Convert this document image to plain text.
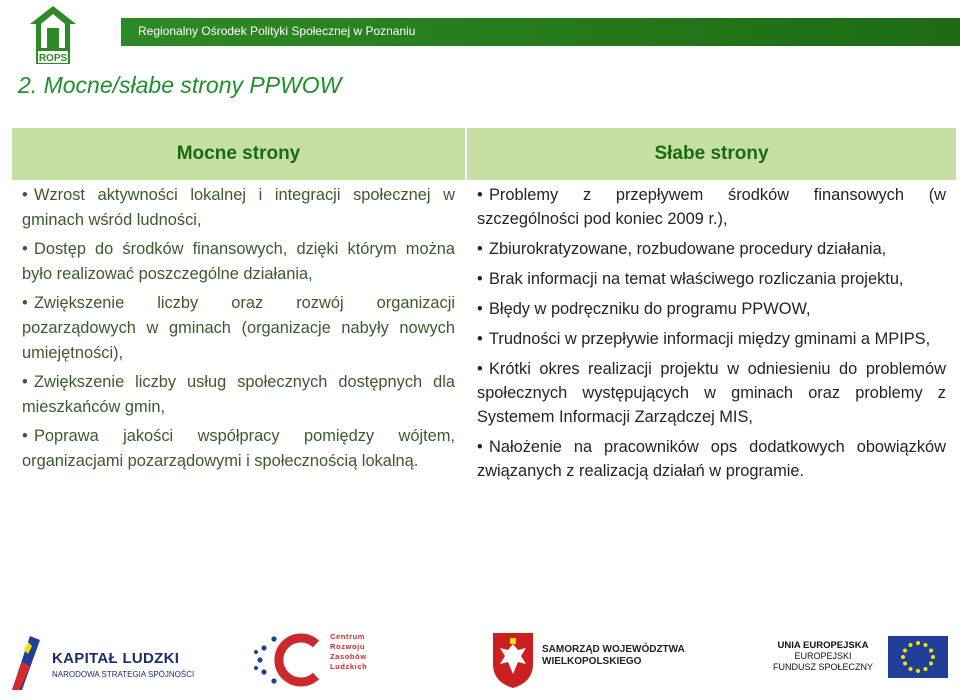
ROPS
Regionalny Ośrodek Polityki Społecznej w Poznaniu
2. Mocne/słabe strony PPWOW
Mocne strony	Słabe strony
• Wzrost aktywności lokalnej i integracji społecznej w gminach wśród ludności,
• Dostęp do środków finansowych, dzięki którym można było realizować poszczególne działania,
• Zwiększenie liczby oraz rozwój organizacji pozarządowych w gminach (organizacje nabyły nowych umiejętności),
• Zwiększenie liczby usług społecznych dostępnych dla mieszkańców gmin,
• Poprawa jakości współpracy pomiędzy wójtem, organizacjami pozarządowymi i społecznością lokalną.
• Problemy z przepływem środków finansowych (w szczególności pod koniec 2009 r.),
• Zbiurokratyzowane, rozbudowane procedury działania,
• Brak informacji na temat właściwego rozliczania projektu,
• Błędy w podręczniku do programu PPWOW,
• Trudności w przepływie informacji między gminami a MPIPS,
• Krótki okres realizacji projektu w odniesieniu do problemów społecznych występujących w gminach oraz problemy z Systemem Informacji Zarządczej MIS,
• Nałożenie na pracowników ops dodatkowych obowiązków związanych z realizacją działań w programie.
KAPITAŁ LUDZKI
NARODOWA STRATEGIA SPÓJNOŚCI
Centrum
Rozwoju
Zasobów
Ludzkich
SAMORZĄD WOJEWÓDZTWA
WIELKOPOLSKIEGO
UNIA EUROPEJSKA
EUROPEJSKI
FUNDUSZ SPOŁECZNY
